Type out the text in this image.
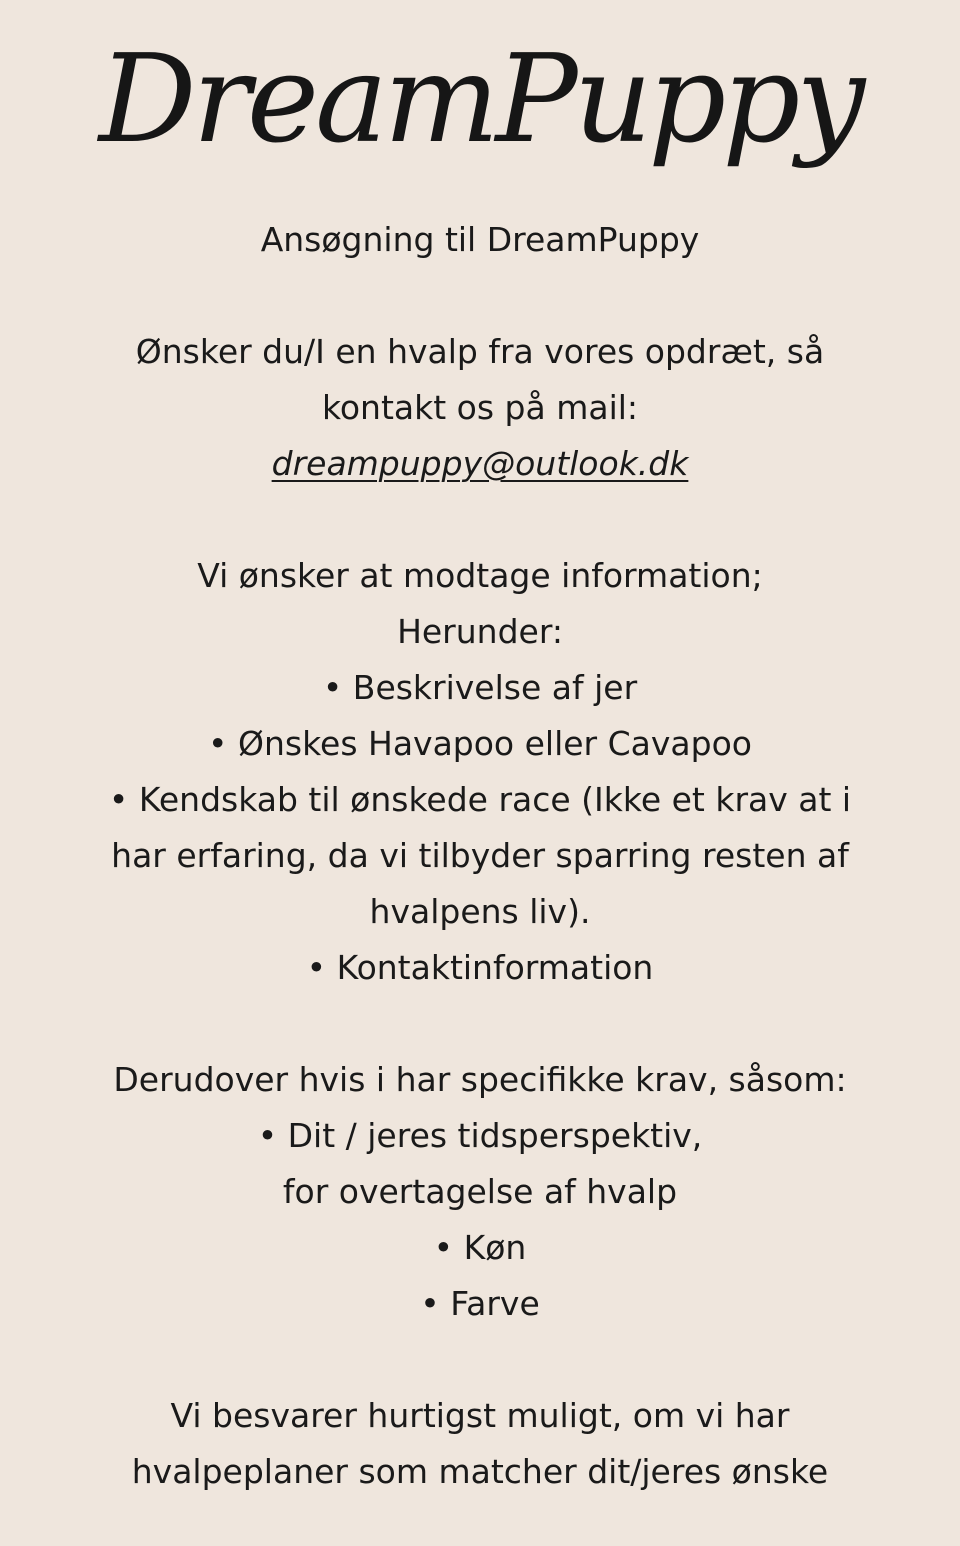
DreamPuppy
Ansøgning til DreamPuppy
Ønsker du/I en hvalp fra vores opdræt, så
kontakt os på mail:
dreampuppy@outlook.dk
Vi ønsker at modtage information;
Herunder:
• Beskrivelse af jer
• Ønskes Havapoo eller Cavapoo
• Kendskab til ønskede race (Ikke et krav at i
har erfaring, da vi tilbyder sparring resten af
hvalpens liv).
• Kontaktinformation
Derudover hvis i har specifikke krav, såsom:
• Dit / jeres tidsperspektiv,
for overtagelse af hvalp
• Køn
• Farve
Vi besvarer hurtigst muligt, om vi har
hvalpeplaner som matcher dit/jeres ønske
